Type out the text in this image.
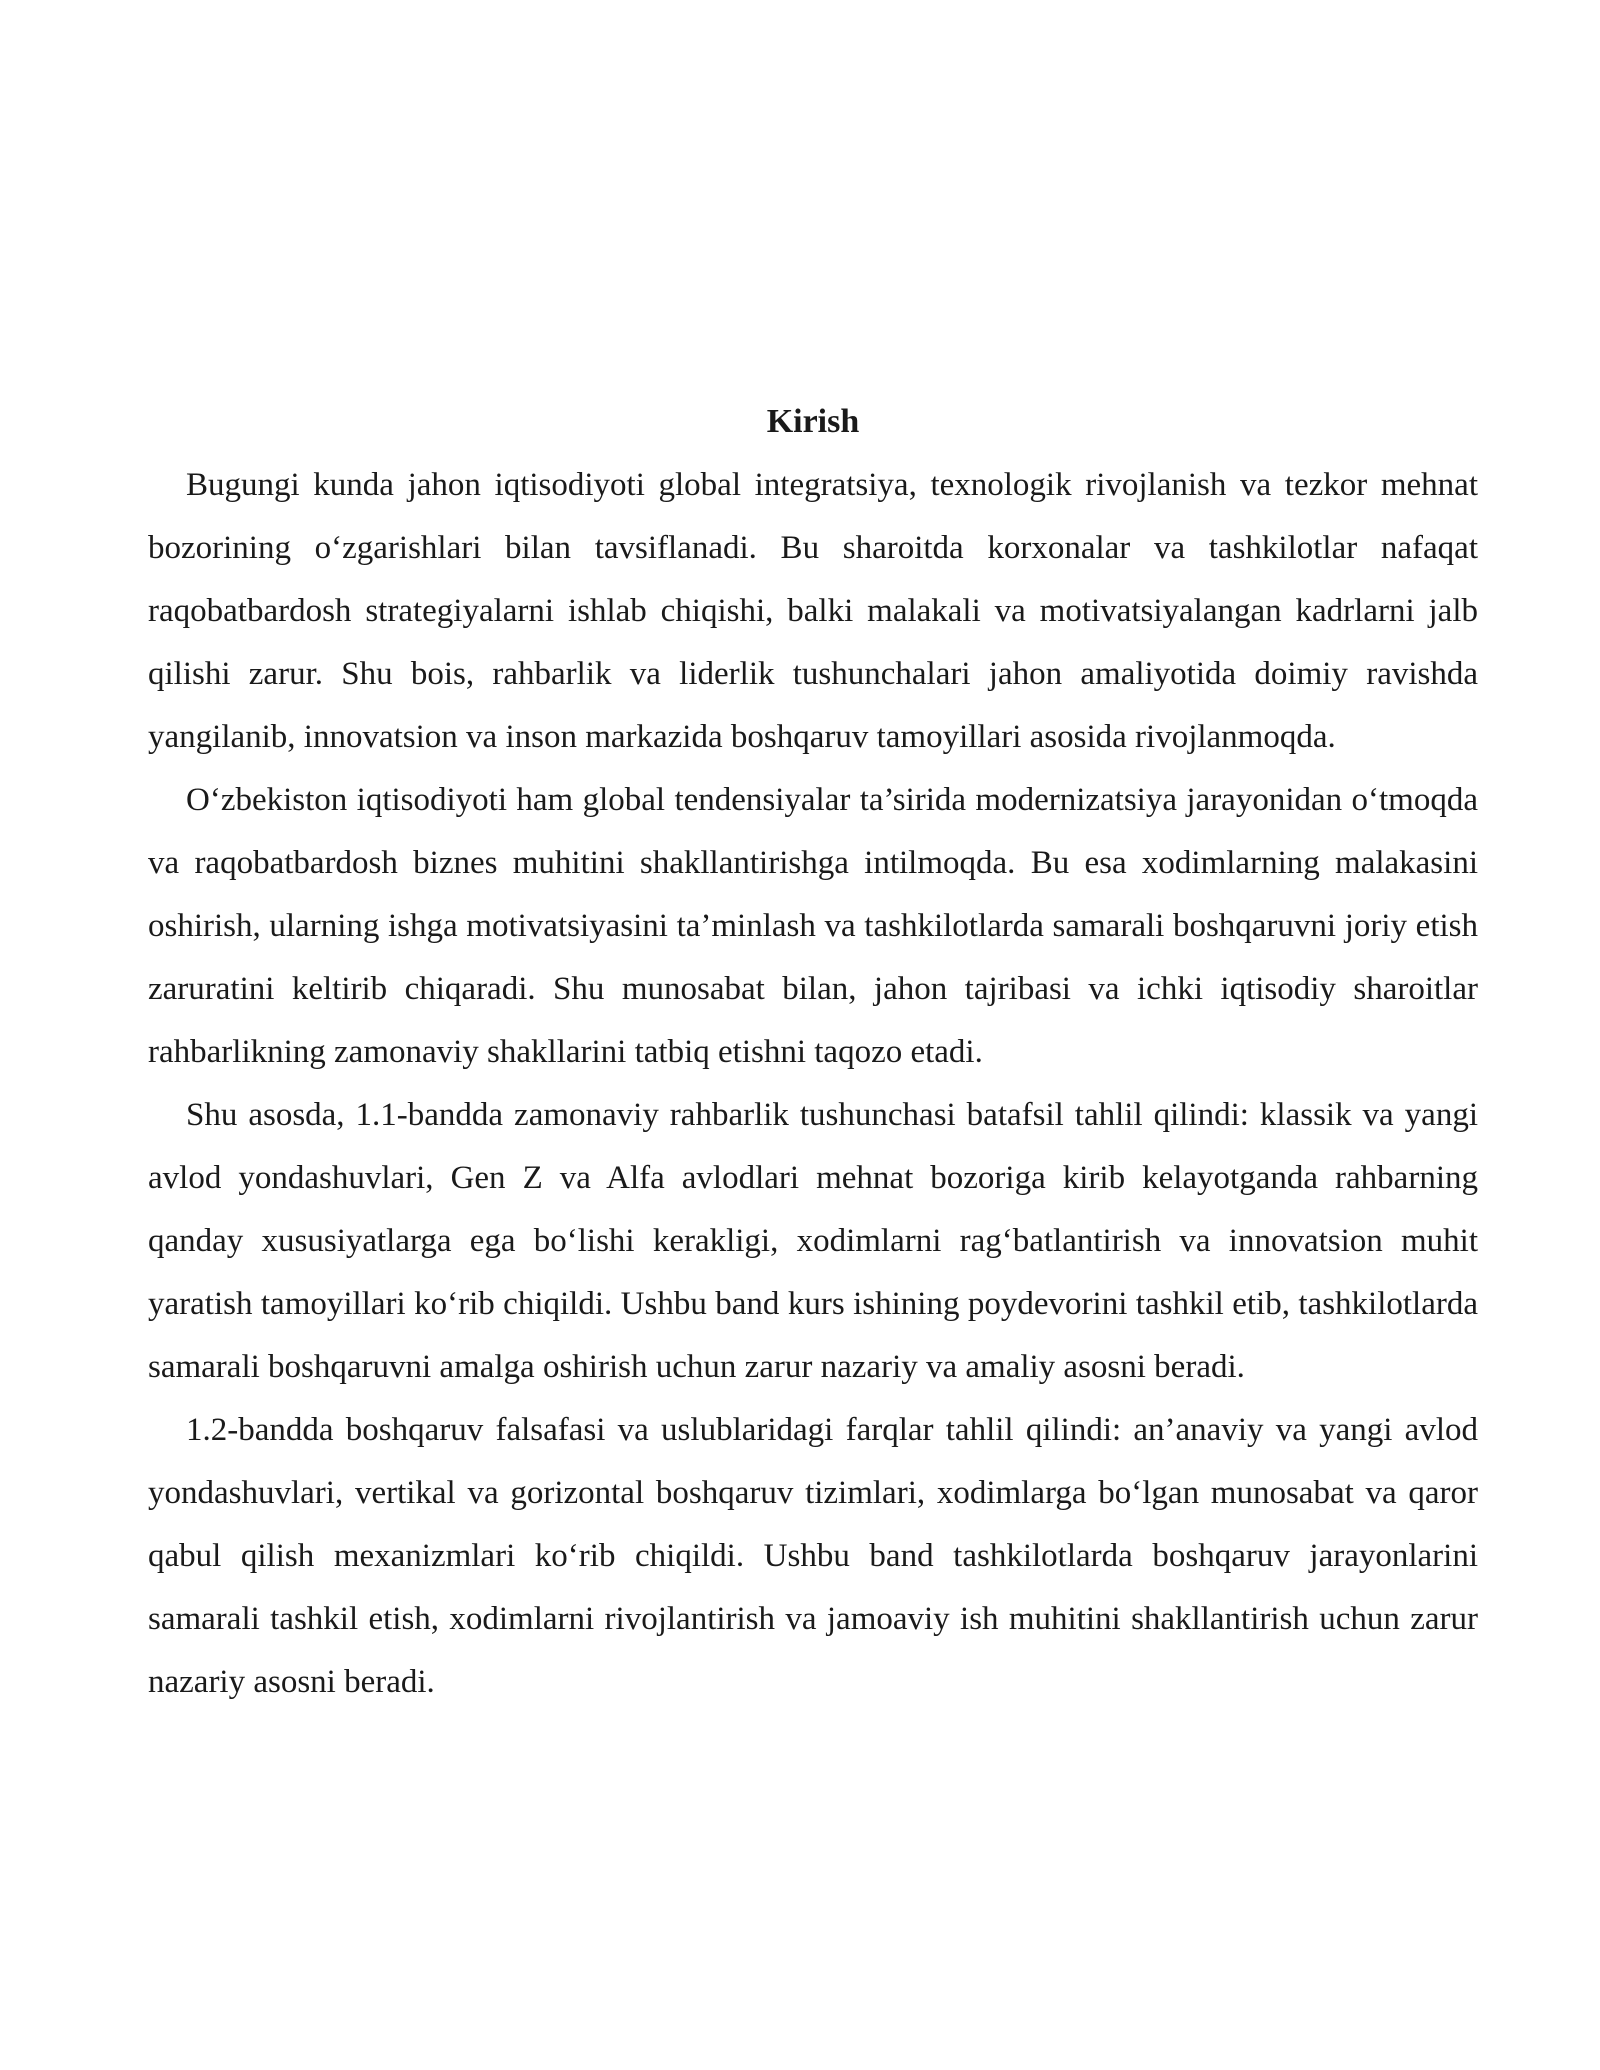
Kirish

Bugungi kunda jahon iqtisodiyoti global integratsiya, texnologik rivojlanish va tezkor mehnat bozorining o‘zgarishlari bilan tavsiflanadi. Bu sharoitda korxonalar va tashkilotlar nafaqat raqobatbardosh strategiyalarni ishlab chiqishi, balki malakali va motivatsiyalangan kadrlarni jalb qilishi zarur. Shu bois, rahbarlik va liderlik tushunchalari jahon amaliyotida doimiy ravishda yangilanib, innovatsion va inson markazida boshqaruv tamoyillari asosida rivojlanmoqda.

O‘zbekiston iqtisodiyoti ham global tendensiyalar ta’sirida modernizatsiya jarayonidan o‘tmoqda va raqobatbardosh biznes muhitini shakllantirishga intilmoqda. Bu esa xodimlarning malakasini oshirish, ularning ishga motivatsiyasini ta’minlash va tashkilotlarda samarali boshqaruvni joriy etish zaruratini keltirib chiqaradi. Shu munosabat bilan, jahon tajribasi va ichki iqtisodiy sharoitlar rahbarlikning zamonaviy shakllarini tatbiq etishni taqozo etadi.

Shu asosda, 1.1-bandda zamonaviy rahbarlik tushunchasi batafsil tahlil qilindi: klassik va yangi avlod yondashuvlari, Gen Z va Alfa avlodlari mehnat bozoriga kirib kelayotganda rahbarning qanday xususiyatlarga ega bo‘lishi kerakligi, xodimlarni rag‘batlantirish va innovatsion muhit yaratish tamoyillari ko‘rib chiqildi. Ushbu band kurs ishining poydevorini tashkil etib, tashkilotlarda samarali boshqaruvni amalga oshirish uchun zarur nazariy va amaliy asosni beradi.

1.2-bandda boshqaruv falsafasi va uslublaridagi farqlar tahlil qilindi: an’anaviy va yangi avlod yondashuvlari, vertikal va gorizontal boshqaruv tizimlari, xodimlarga bo‘lgan munosabat va qaror qabul qilish mexanizmlari ko‘rib chiqildi. Ushbu band tashkilotlarda boshqaruv jarayonlarini samarali tashkil etish, xodimlarni rivojlantirish va jamoaviy ish muhitini shakllantirish uchun zarur nazariy asosni beradi.
